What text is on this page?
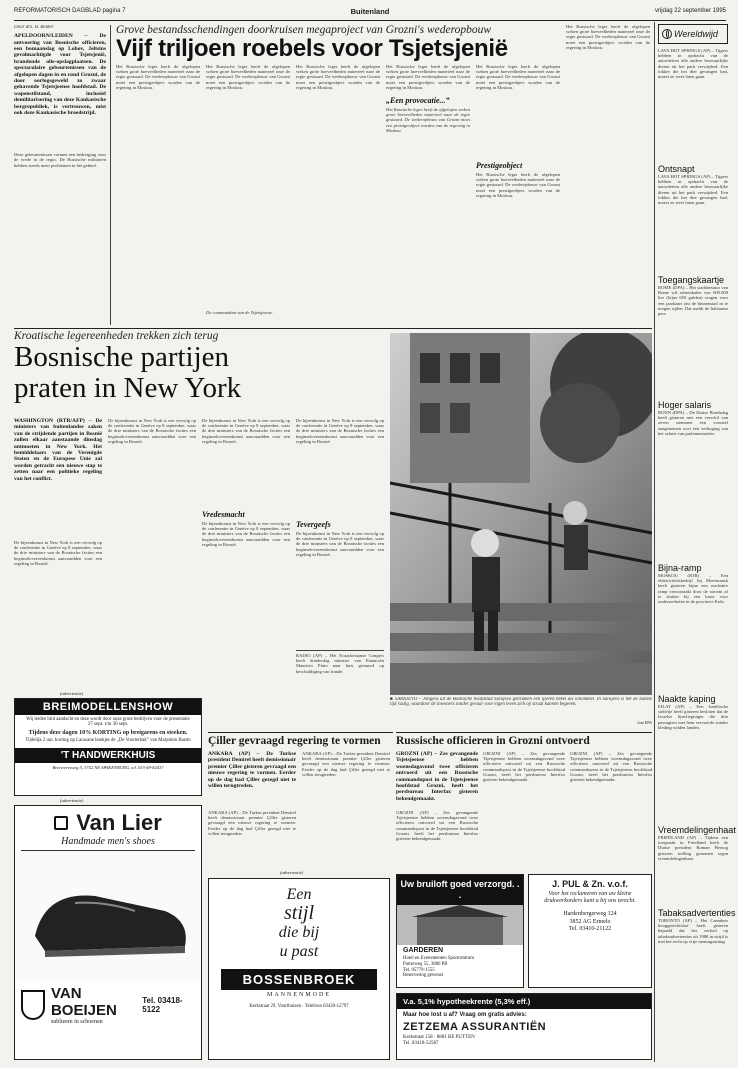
REFORMATORISCH DAGBLAD pagina 7	Buitenland	vrijdag 22 september 1995
Door drs. B. Belder
APELDOORN/LEIDEN – De ontvoering van Bosnische officieren, een bomaanslag op Lobov, Jeltsins gevolmachtigde voor Tsjetsjenië, brandende olie-opslagplaatsen. De spectaculaire gebeurtenissen van de afgelopen dagen in en rond Grozni, de door oorlogsgeweld zo zwaar gehavende Tsjetsjeense hoofdstad. De wapenstilstand, inclusief demilitarisering van deze Kaukasische bergrepubliek, is vertrouwen, mist ook deze Kaukasische broedstrijd.
Deze gebeurtenissen vormen een bedreiging voor de vrede in de regio. De Russische militairen hebben steeds meer problemen in het gebied.
Grove bestandsschendingen doorkruisen megaproject van Grozni's wederopbouw
Vijf triljoen roebels voor Tsjetsjenië
Het Russische leger heeft de afgelopen weken grote hoeveelheden materieel naar de regio gestuurd. De wederopbouw van Grozni moet een prestigeobject worden van de regering in Moskou.
Het Russische leger heeft de afgelopen weken grote hoeveelheden materieel naar de regio gestuurd. De wederopbouw van Grozni moet een prestigeobject worden van de regering in Moskou.
De commandant van de Tsjetsjeense
Het Russische leger heeft de afgelopen weken grote hoeveelheden materieel naar de regio gestuurd. De wederopbouw van Grozni moet een prestigeobject worden van de regering in Moskou.
Het Russische leger heeft de afgelopen weken grote hoeveelheden materieel naar de regio gestuurd. De wederopbouw van Grozni moet een prestigeobject worden van de regering in Moskou.
„Een provocatie...”
Het Russische leger heeft de afgelopen weken grote hoeveelheden materieel naar de regio gestuurd. De wederopbouw van Grozni moet een prestigeobject worden van de regering in Moskou.
Het Russische leger heeft de afgelopen weken grote hoeveelheden materieel naar de regio gestuurd. De wederopbouw van Grozni moet een prestigeobject worden van de regering in Moskou.
Prestigeobject
Het Russische leger heeft de afgelopen weken grote hoeveelheden materieel naar de regio gestuurd. De wederopbouw van Grozni moet een prestigeobject worden van de regering in Moskou.
Het Russische leger heeft de afgelopen weken grote hoeveelheden materieel naar de regio gestuurd. De wederopbouw van Grozni moet een prestigeobject worden van de regering in Moskou.
Wereldwijd
LAVA HOT SPRINGS (AP) – Tijgers hebben in opdracht van de autoriteiten alle andere bezwaarlijke dieren uit het park verwijderd. Een fokker die het dier gevangen had, moest ze weer laten gaan.
Ontsnapt
LAVA HOT SPRINGS (AP) – Tijgers hebben in opdracht van de autoriteiten alle andere bezwaarlijke dieren uit het park verwijderd. Een fokker die het dier gevangen had, moest ze weer laten gaan.
Toegangskaartje
ROME (DPA) – Het stadsbestuur van Rome wil ashrenkalen van 600.000 lire (bijna 650 gulden) vragen voor een jaarkaart om de binnenstad in te mogen rijden. Dat meldt de Italiaanse pers.
Hoger salaris
BONN (DPA) – De Duitse Bondsdag heeft gisteren met een verschil van zeven stemmen een voorstel aangenomen over een verhoging van het salaris van parlementariërs.
Bijna-ramp
MOSKOU (RTR) – Een elektriciteitsbedrijf bij Moermansk heeft gisteren bijna een nucleaire ramp veroorzaakt door de stroom af te sluiten bij een basis voor onderzeeboten in de provincie Kola.
Naakte kaping
EILAT (AP) – Een Israëlische stelletje heeft gisteren besloten dat de Israelse lijnvliegtuiger die drie passagiers met hem vervoerde zonder kleding wilden landen.
Vreemdelingenhaat
FRIEDLAND (AP) – Tijdens een toespraak in Friedland heeft de Duitse president Roman Herzog gisteren stelling genomen tegen vreemdelingenhaat.
Tabaksadvertenties
TORONTO (AP) – Het Canadese hooggerechtshof heeft gisteren bepaald dat het verbod op tabaksadvertenties uit 1988 in strijd is met het recht op vrije meningsuiting.
Kroatische legereenheden trekken zich terug
Bosnische partijen
praten in New York
WASHINGTON (RTR/AFP) – De ministers van buitenlandse zaken van de strijdende partijen in Bosnië zullen elkaar aanstaande dinsdag ontmoeten in New York. Het bemiddelaars van de Verenigde Staten en de Europese Unie zal worden getracht een nieuwe stap te zetten naar een politieke regeling van het conflict.
De bijeenkomst in New York is een vervolg op de conferentie in Genève op 8 september, waar de drie ministers van de Bosnische facties een beginselovereenkomst aanvaardden voor een regeling in Bosnië.
De bijeenkomst in New York is een vervolg op de conferentie in Genève op 8 september, waar de drie ministers van de Bosnische facties een beginselovereenkomst aanvaardden voor een regeling in Bosnië.
De bijeenkomst in New York is een vervolg op de conferentie in Genève op 8 september, waar de drie ministers van de Bosnische facties een beginselovereenkomst aanvaardden voor een regeling in Bosnië.
Vredesmacht
De bijeenkomst in New York is een vervolg op de conferentie in Genève op 8 september, waar de drie ministers van de Bosnische facties een beginselovereenkomst aanvaardden voor een regeling in Bosnië.
De bijeenkomst in New York is een vervolg op de conferentie in Genève op 8 september, waar de drie ministers van de Bosnische facties een beginselovereenkomst aanvaardden voor een regeling in Bosnië.
Tevergeefs
De bijeenkomst in New York is een vervolg op de conferentie in Genève op 8 september, waar de drie ministers van de Bosnische facties een beginselovereenkomst aanvaardden voor een regeling in Bosnië.
RADIO (AP) – Het Ecuadoriaanse Congres heeft donderdag minister van Financiën Mauricio Pinto naar huis gestuurd op beschuldiging van fraude.
■ SARAJEVO – Jongens uit de Bosnische hoofdstad Sarajevo gebruiken een ijzeren hekel als schommel. In Sarajevo is het de laatste tijd rustig, waardoor de inwoners zonder gevaar voor eigen leven zich op straat kunnen begeven.
foto EPA
(advertentie)
BREIMODELLENSHOW
Wij leiden bird aandacht en deze wordt door onze grote bedrijven voor de presentatie
27 sept. t/m 30 sept.
Tijdens deze dagen 10% KORTING op breigarens en steeken.
Tijdelijk 2 uur. korting op Lacasane boekjes de „De Voorterbak” van Marjolein Bastin
'T HANDWERKHUIS
Breeweersweg 5, 3752 NE SPAKENBURG, tel. 033-49-82437
(advertentie)
Van Lier
Handmade men's shoes
VAN BOEIJEN
sublieem in schoenen
Tel. 03418-5122
Çiller gevraagd regering te vormen
ANKARA (AP) – De Turkse president Demirel heeft demissionair premier Çiller gisteren gevraagd een nieuwe regering te vormen. Eerder op de dag had Çiller gezegd niet te willen terugtreden.
ANKARA (AP) – De Turkse president Demirel heeft demissionair premier Çiller gisteren gevraagd een nieuwe regering te vormen. Eerder op de dag had Çiller gezegd niet te willen terugtreden.
ANKARA (AP) – De Turkse president Demirel heeft demissionair premier Çiller gisteren gevraagd een nieuwe regering te vormen. Eerder op de dag had Çiller gezegd niet te willen terugtreden.
(advertentie)
Een
stijl
die bij
u past
BOSSENBROEK
MANNENMODE
Kerkstraat 29, Voorthuizen · Telefoon 03420-12797
Russische officieren in Grozni ontvoerd
GROZNI (AP) – Zes gevangende Tsjetsjeense hebben woensdagavond twee officieren ontvoerd uit een Russische commandopost in de Tsjetsjeense hoofdstad Grozni, heeft het persbureau Interfax gisteren bekendgemaakt.
GROZNI (AP) – Zes gevangende Tsjetsjeense hebben woensdagavond twee officieren ontvoerd uit een Russische commandopost in de Tsjetsjeense hoofdstad Grozni, heeft het persbureau Interfax gisteren bekendgemaakt.
GROZNI (AP) – Zes gevangende Tsjetsjeense hebben woensdagavond twee officieren ontvoerd uit een Russische commandopost in de Tsjetsjeense hoofdstad Grozni, heeft het persbureau Interfax gisteren bekendgemaakt.
GROZNI (AP) – Zes gevangende Tsjetsjeense hebben woensdagavond twee officieren ontvoerd uit een Russische commandopost in de Tsjetsjeense hoofdstad Grozni, heeft het persbureau Interfax gisteren bekendgemaakt.
Uw bruiloft goed verzorgd. . .
GARDEREN
Hotel en Evenementen Sportcentrum
Putterweg 55, 3886 PB
Tel. 05779-1555
Reservering gewenst
J. PUL & Zn. v.o.f.
Voor het reclameren van uw kleine drukwerkorders kunt u bij ons terecht.
Hardenbergerweg 124
3852 AG Ermelo
Tel. 03410-21122
V.a. 5,1% hypotheekrente (5,3% eff.)
Maar hoe lost u af? Vraag om gratis advies:
ZETZEMA ASSURANTIËN
Kerkstraat 158 · 8881 BE PUTTEN
Tel. 03418-52587
